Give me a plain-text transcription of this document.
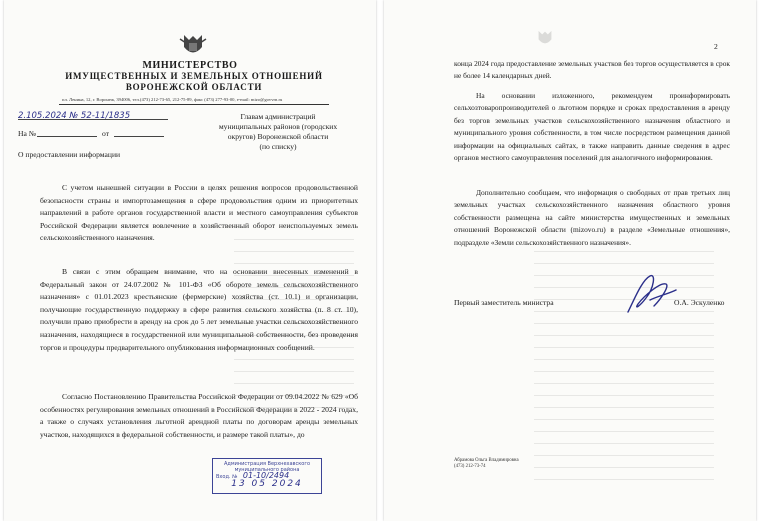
МИНИСТЕРСТВО
ИМУЩЕСТВЕННЫХ И ЗЕМЕЛЬНЫХ ОТНОШЕНИЙ
ВОРОНЕЖСКОЙ ОБЛАСТИ
пл. Ленина, 12, г. Воронеж, 394006, тел.(473) 212-73-65, 212-75-89, факс (473) 277-93-00, e-mail: mizo@govvrn.ru
2.105.2024 № 52-11/1835
На №	от
Главам администраций
муниципальных районов (городских
округов) Воронежской области
(по списку)
О предоставлении информации
С учетом нынешней ситуации в России в целях решения вопросов продовольственной безопасности страны и импортозамещения в сфере продовольствия одним из приоритетных направлений в работе органов государственной власти и местного самоуправления субъектов Российской Федерации является вовлечение в хозяйственный оборот неиспользуемых земель сельскохозяйственного назначения.
В связи с этим обращаем внимание, что на основании внесенных изменений в Федеральный закон от 24.07.2002 № 101-ФЗ «Об обороте земель сельскохозяйственного назначения» с 01.01.2023 крестьянские (фермерские) хозяйства (ст. 10.1) и организации, получающие государственную поддержку в сфере развития сельского хозяйства (п. 8 ст. 10), получили право приобрести в аренду на срок до 5 лет земельные участки сельскохозяйственного назначения, находящиеся в государственной или муниципальной собственности, без проведения торгов и процедуры предварительного опубликования информационных сообщений.
Согласно Постановлению Правительства Российской Федерации от 09.04.2022 № 629 «Об особенностях регулирования земельных отношений в Российской Федерации в 2022 - 2024 годах, а также о случаях установления льготной арендной платы по договорам аренды земельных участков, находящихся в федеральной собственности, и размере такой платы», до
Администрация Верхнехавского
муниципального района
Вход. № 01-10/2494
13 05 2024
2
конца 2024 года предоставление земельных участков без торгов осуществляется в срок не более 14 календарных дней.
На основании изложенного, рекомендуем проинформировать сельхозтоваропроизводителей о льготном порядке и сроках предоставления в аренду без торгов земельных участков сельскохозяйственного назначения областного и муниципального уровня собственности, в том числе посредством размещения данной информации на официальных сайтах, в также направить данные сведения в адрес органов местного самоуправления поселений для аналогичного информирования.
Дополнительно сообщаем, что информация о свободных от прав третьих лиц земельных участках сельскохозяйственного назначения областного уровня собственности размещена на сайте министерства имущественных и земельных отношений Воронежской области (mizovo.ru) в разделе «Земельные отношения», подразделе «Земли сельскохозяйственного назначения».
Первый заместитель министра	О.А. Эскуленко
Абрамова Ольга Владимировна
(473) 212-73-74
